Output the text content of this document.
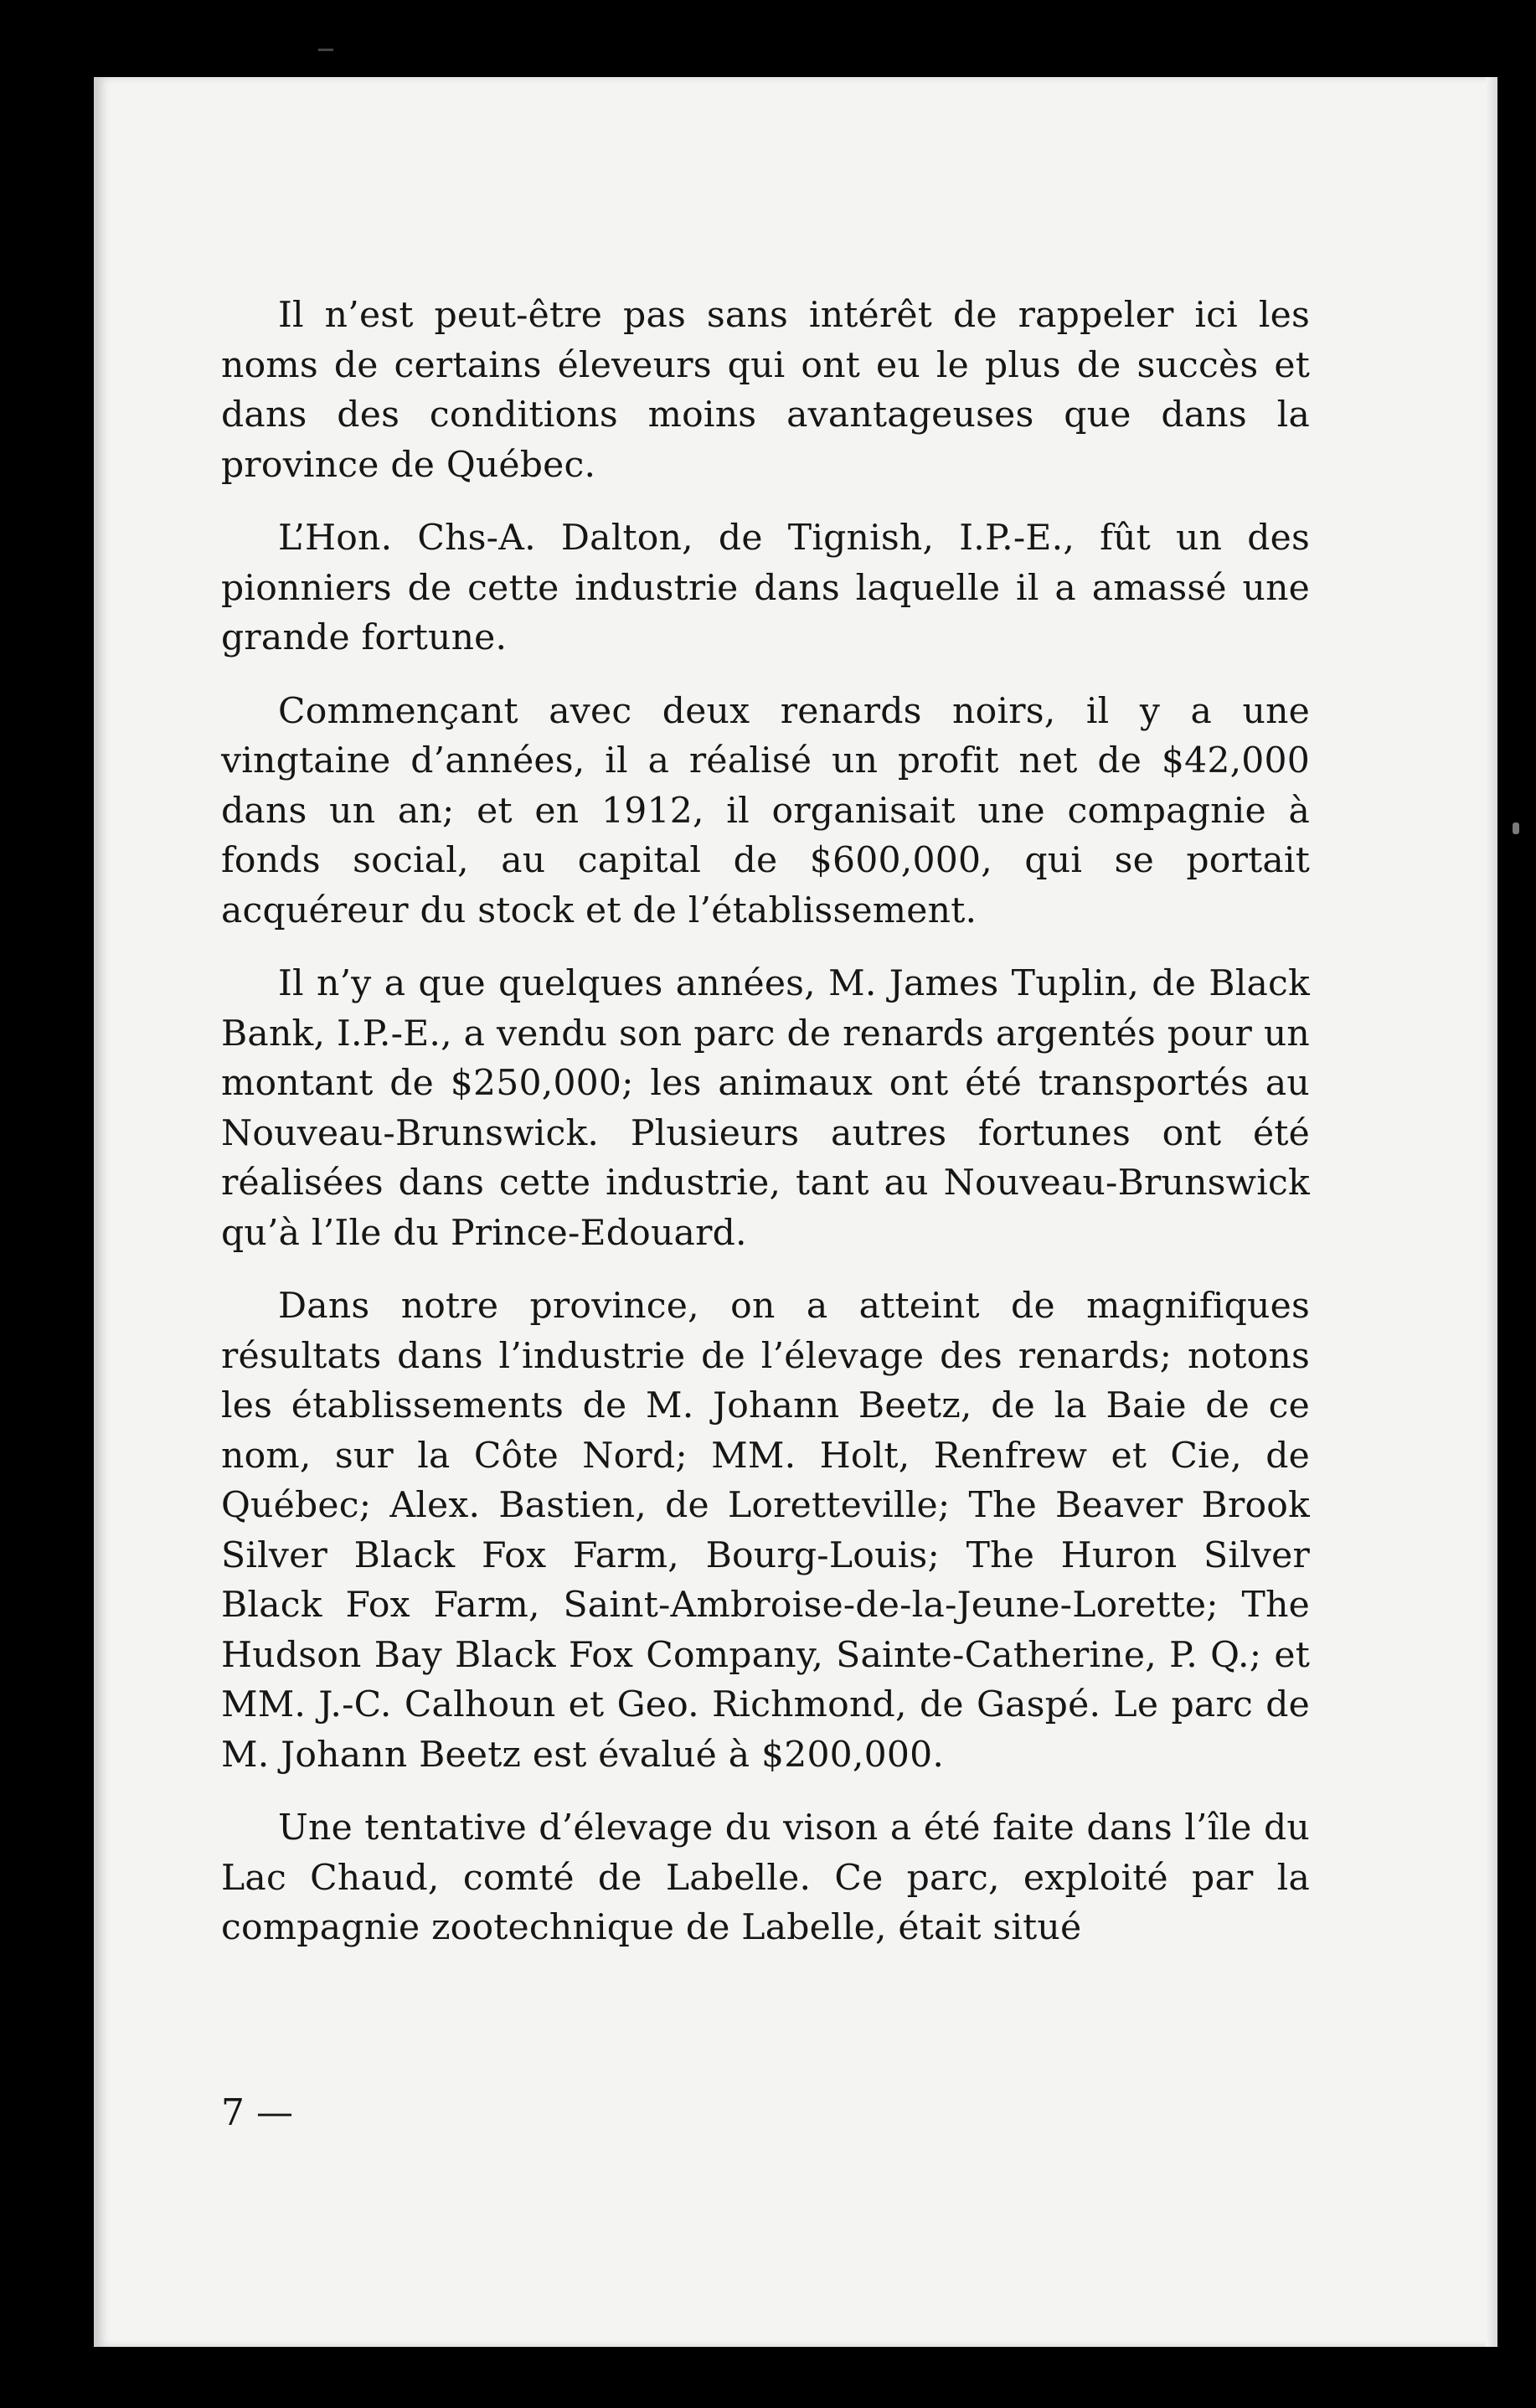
Il n’est peut-être pas sans intérêt de rappeler ici les noms de certains éleveurs qui ont eu le plus de succès et dans des conditions moins avantageuses que dans la province de Québec.

L’Hon. Chs-A. Dalton, de Tignish, I.P.-E., fût un des pionniers de cette industrie dans laquelle il a amassé une grande fortune.

Commençant avec deux renards noirs, il y a une vingtaine d’années, il a réalisé un profit net de $42,000 dans un an; et en 1912, il organisait une compagnie à fonds social, au capital de $600,000, qui se portait acquéreur du stock et de l’établissement.

Il n’y a que quelques années, M. James Tuplin, de Black Bank, I.P.-E., a vendu son parc de renards argentés pour un montant de $250,000; les animaux ont été transportés au Nouveau-Brunswick. Plusieurs autres fortunes ont été réalisées dans cette industrie, tant au Nouveau-Brunswick qu’à l’Ile du Prince-Edouard.

Dans notre province, on a atteint de magnifiques résultats dans l’industrie de l’élevage des renards; notons les établissements de M. Johann Beetz, de la Baie de ce nom, sur la Côte Nord; MM. Holt, Renfrew et Cie, de Québec; Alex. Bastien, de Loretteville; The Beaver Brook Silver Black Fox Farm, Bourg-Louis; The Huron Silver Black Fox Farm, Saint-Ambroise-de-la-Jeune-Lorette; The Hudson Bay Black Fox Company, Sainte-Catherine, P. Q.; et MM. J.-C. Calhoun et Geo. Richmond, de Gaspé. Le parc de M. Johann Beetz est évalué à $200,000.

Une tentative d’élevage du vison a été faite dans l’île du Lac Chaud, comté de Labelle. Ce parc, exploité par la compagnie zootechnique de Labelle, était situé

7 —
